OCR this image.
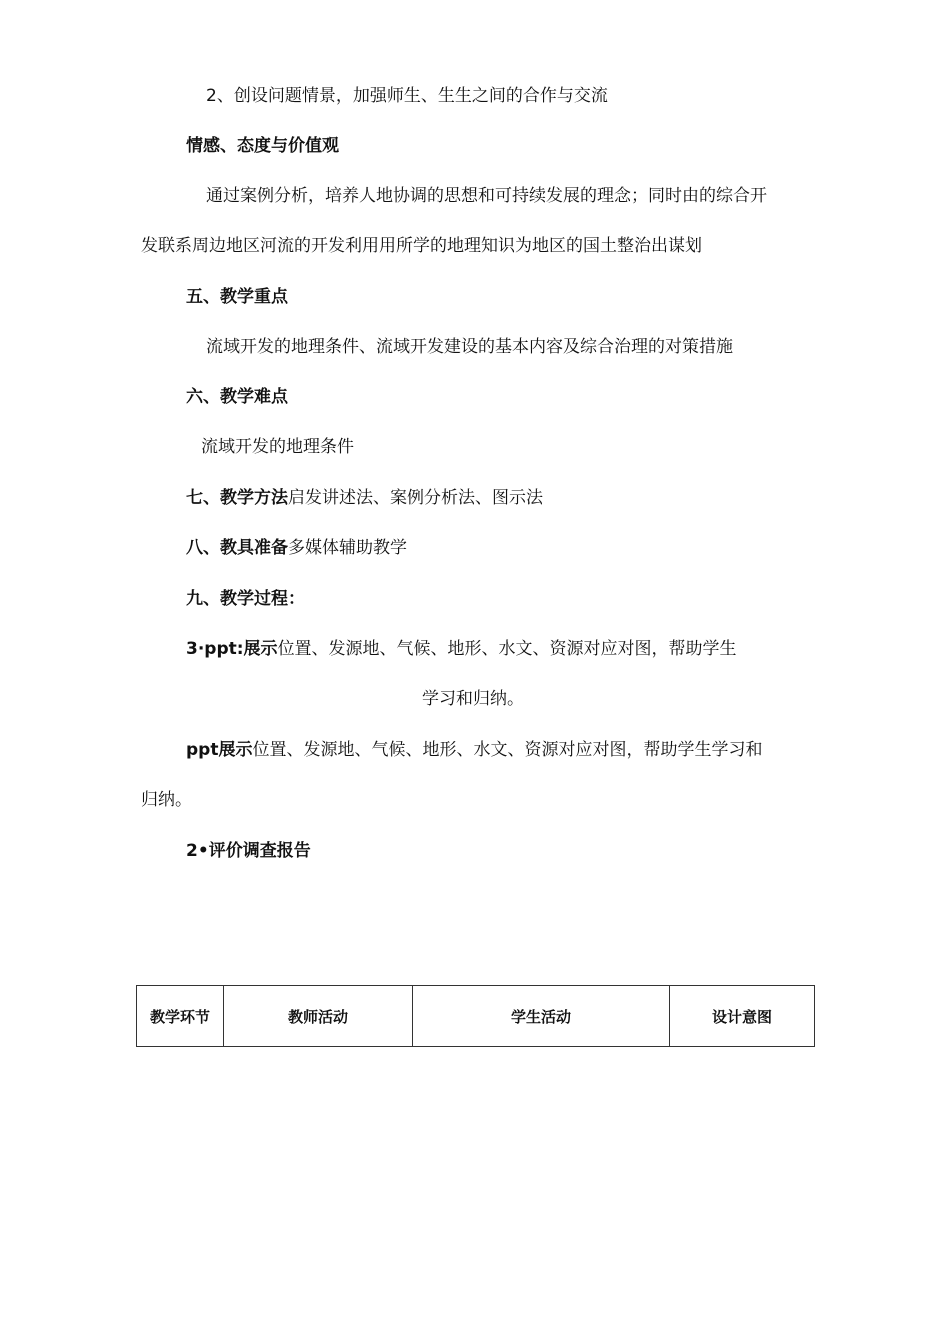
2、创设问题情景，加强师生、生生之间的合作与交流
情感、态度与价值观
通过案例分析，培养人地协调的思想和可持续发展的理念；同时由的综合开
发联系周边地区河流的开发利用用所学的地理知识为地区的国土整治出谋划
五、教学重点
流域开发的地理条件、流域开发建设的基本内容及综合治理的对策措施
六、教学难点
流域开发的地理条件
七、教学方法启发讲述法、案例分析法、图示法
八、教具准备多媒体辅助教学
九、教学过程：
3·ppt:展示位置、发源地、气候、地形、水文、资源对应对图，帮助学生
学习和归纳。
ppt展示位置、发源地、气候、地形、水文、资源对应对图，帮助学生学习和
归纳。
2•评价调查报告
教学环节	教师活动	学生活动	设计意图
